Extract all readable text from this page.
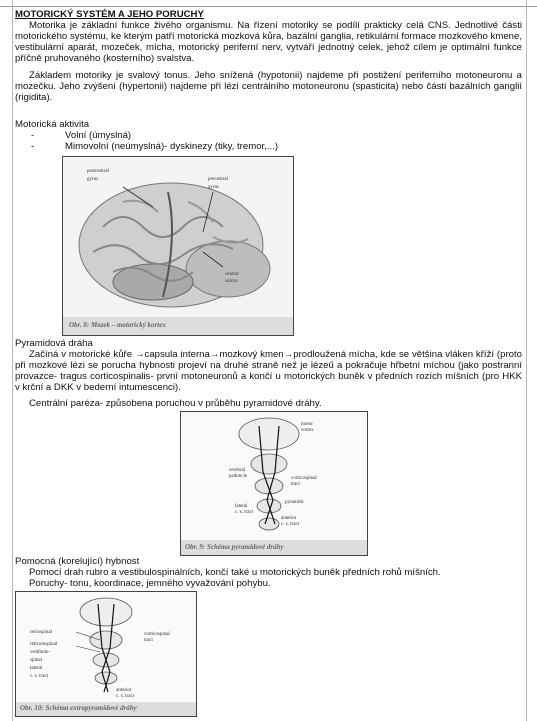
MOTORICKÝ SYSTÉM A JEHO PORUCHY
Motorika je základní funkce živého organismu. Na řízení motoriky se podílí prakticky celá CNS. Jednotlivé části motorického systému, ke kterým patří motorická mozková kůra, bazální ganglia, retikulární formace mozkového kmene, vestibulární aparát, mozeček, mícha, motorický periferní nerv, vytváří jednotný celek, jehož cílem je optimální funkce příčně pruhovaného (kosterního) svalstva.
Základem motoriky je svalový tonus. Jeho snížená (hypotonii) najdeme při postižení periferního motoneuronu a mozečku. Jeho zvýšení (hypertonii) najdeme při lézi centrálního motoneuronu (spasticita) nebo části bazálních ganglií (rigidita).
Motorická aktivita
-	Volní (úmyslná)
-	Mimovolní (neúmyslná)- dyskinezy (tiky, tremor,...)
postcentral
gyrus	precentral
gyrus
central
sulcus
Obr. 8: Mozek – motorický kortex
Pyramidová dráha
Začíná v motorické kůře →capsula interna→mozkový kmen→prodloužená mícha, kde se většina vláken kříží (proto při mozkové lézi se porucha hybnosti projeví na druhé straně než je lézeű a pokračuje hřbetní míchou (jako postranní provazce- tragus corticospinalis- první motoneuronů a končí u motorických buněk v předních rozích míšních (pro HKK v krční a DKK v bederní intumescenci).
Centrální paréza- způsobena poruchou v průběhu pyramidové dráhy.
motor
cortex
cerebral
peduncle	corticospinal
tract
pyramids
lateral
c. s. tract
anterior
c. s. tract
Obr. 9: Schéma pyramidové dráhy
Pomocná (korelující) hybnost
Pomocí drah rubro a vestibulospinálních, končí také u motorických buněk předních rohů míšních.
Poruchy- tonu, koordinace, jemného vyvažování pohybu.
rectospinal
reticulospinal
vestibulo-
spinal
lateral
c. s. tract
anterior
c. s. tract
corticospinal
tract
Obr. 10: Schéma extrapyramidové dráhy
